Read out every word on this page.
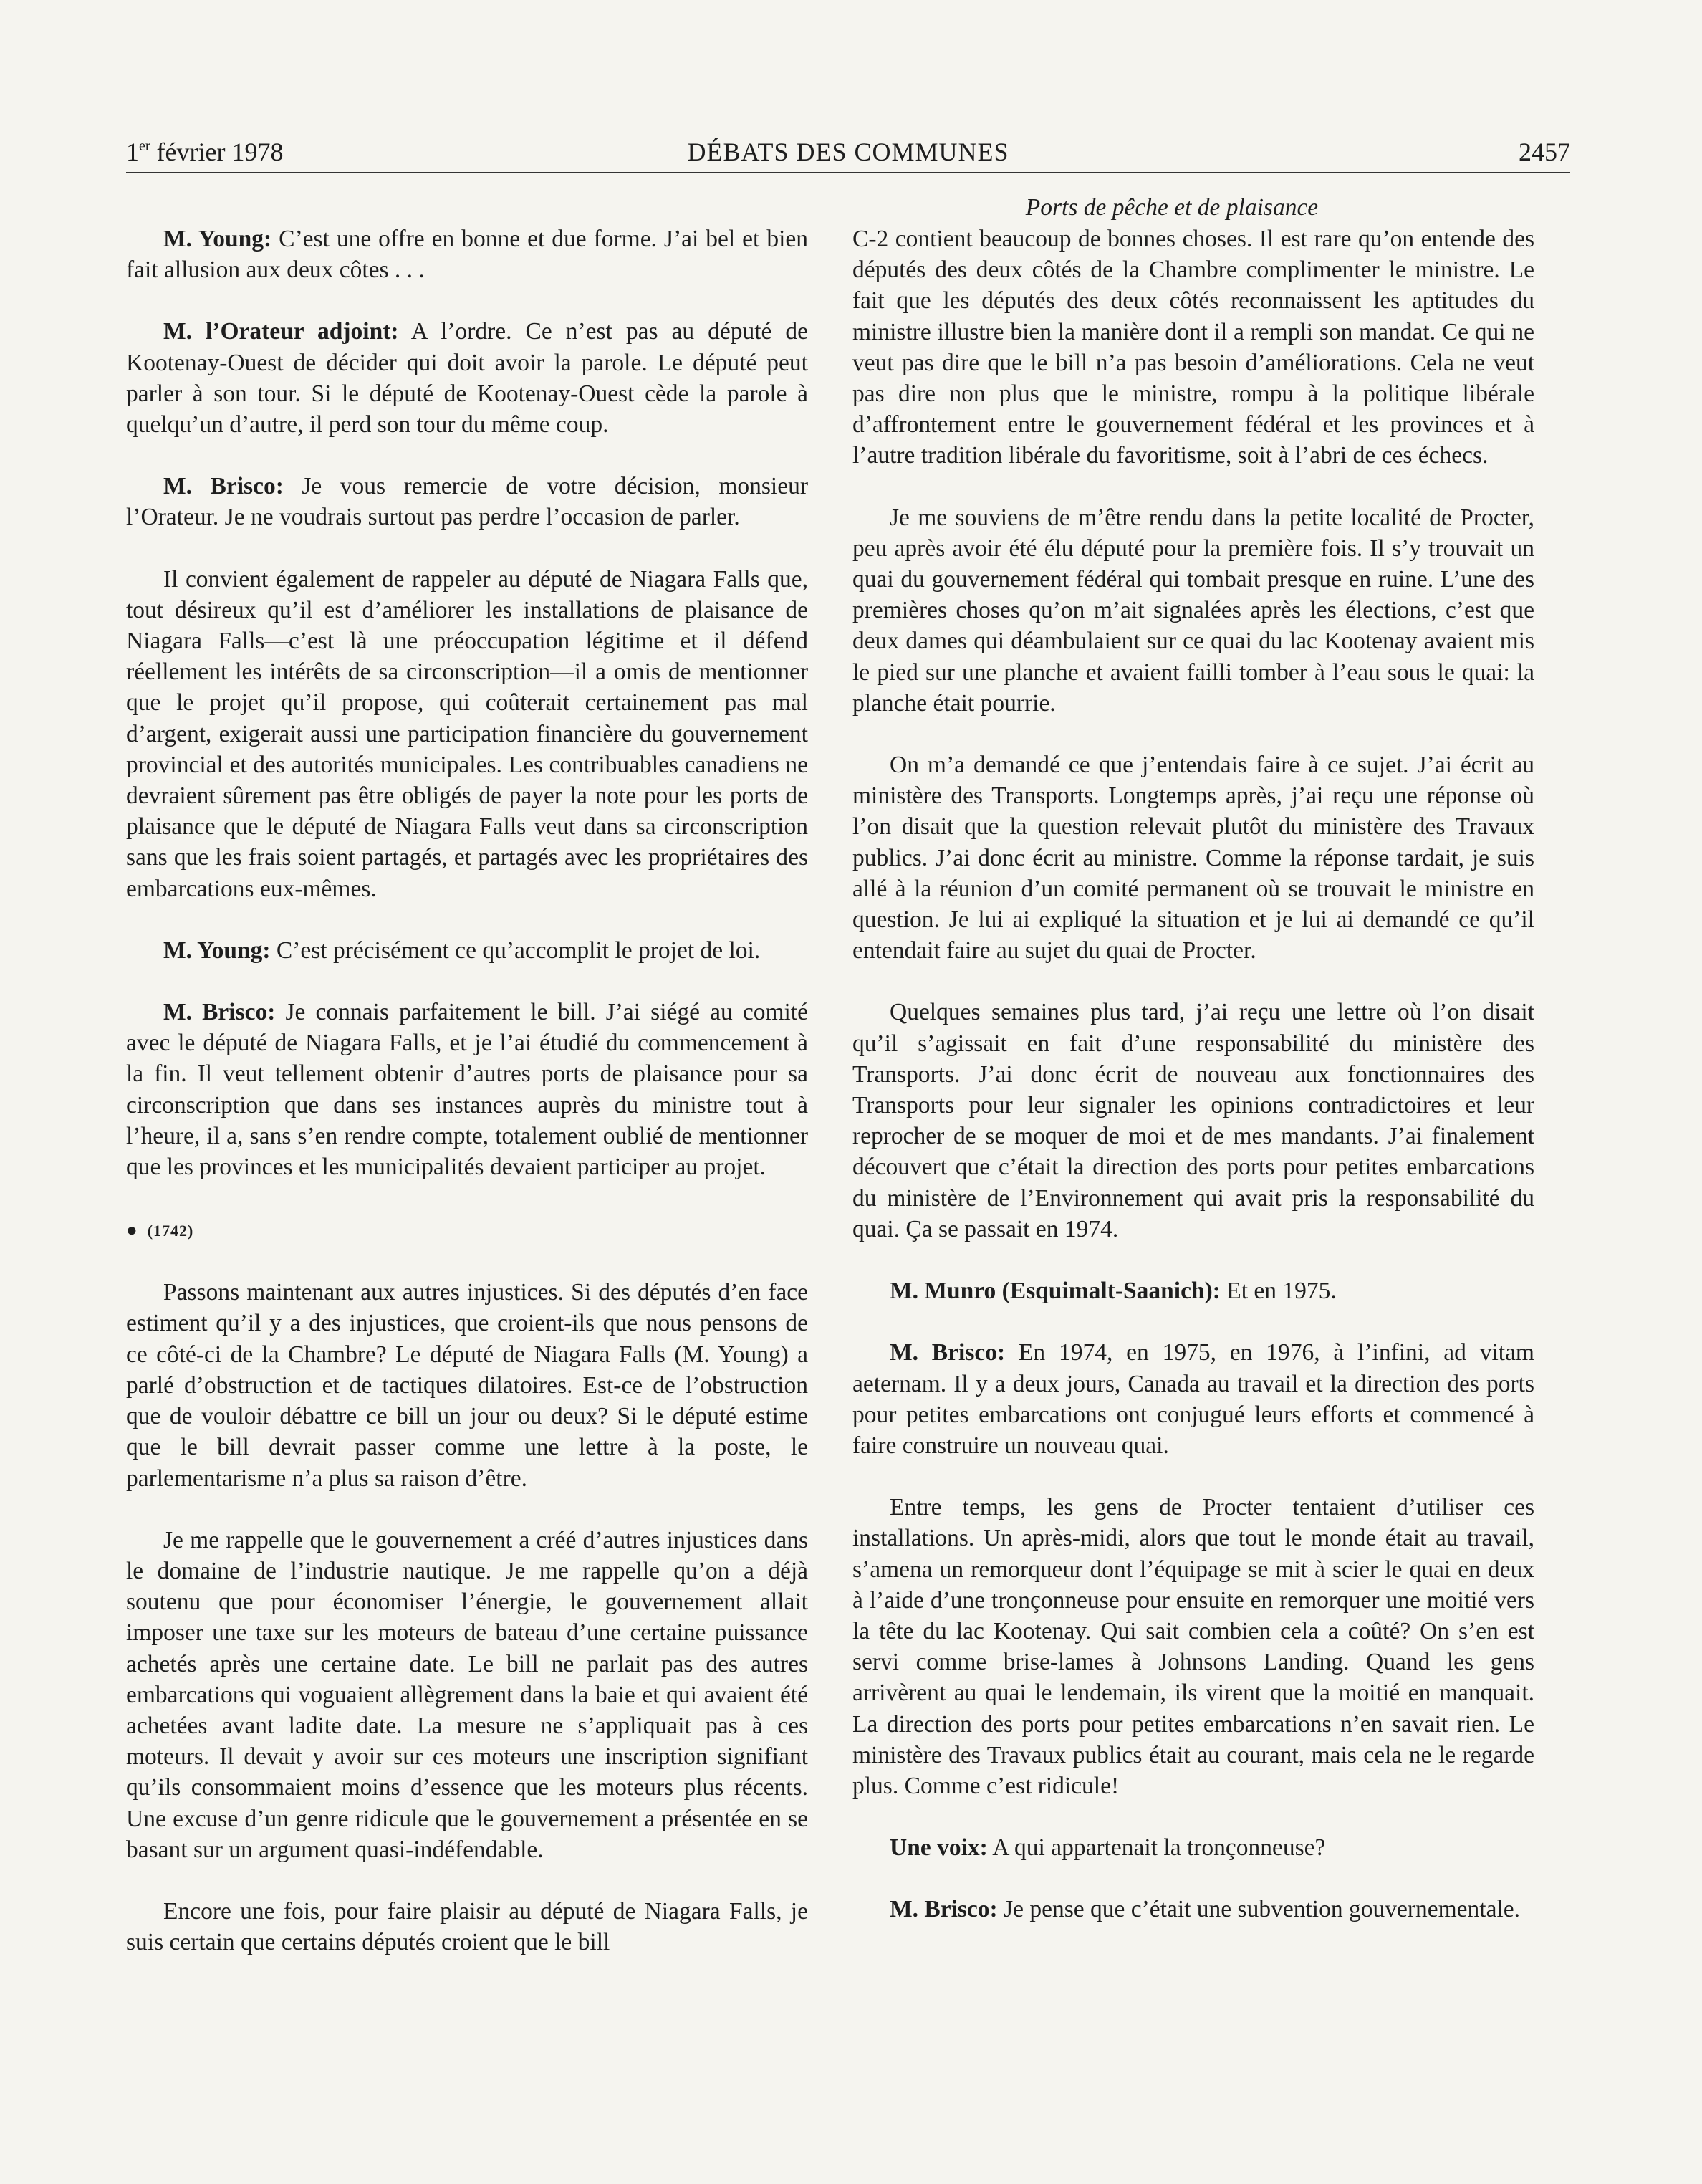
1er février 1978	DÉBATS DES COMMUNES	2457
Ports de pêche et de plaisance

M. Young: C’est une offre en bonne et due forme. J’ai bel et bien fait allusion aux deux côtes . . .

M. l’Orateur adjoint: A l’ordre. Ce n’est pas au député de Kootenay-Ouest de décider qui doit avoir la parole. Le député peut parler à son tour. Si le député de Kootenay-Ouest cède la parole à quelqu’un d’autre, il perd son tour du même coup.

M. Brisco: Je vous remercie de votre décision, monsieur l’Orateur. Je ne voudrais surtout pas perdre l’occasion de parler.

Il convient également de rappeler au député de Niagara Falls que, tout désireux qu’il est d’améliorer les installations de plaisance de Niagara Falls—c’est là une préoccupation légitime et il défend réellement les intérêts de sa circonscription—il a omis de mentionner que le projet qu’il propose, qui coûterait certainement pas mal d’argent, exigerait aussi une participation financière du gouvernement provincial et des autorités municipales. Les contribuables canadiens ne devraient sûrement pas être obligés de payer la note pour les ports de plaisance que le député de Niagara Falls veut dans sa circonscription sans que les frais soient partagés, et partagés avec les propriétaires des embarcations eux-mêmes.

M. Young: C’est précisément ce qu’accomplit le projet de loi.

M. Brisco: Je connais parfaitement le bill. J’ai siégé au comité avec le député de Niagara Falls, et je l’ai étudié du commencement à la fin. Il veut tellement obtenir d’autres ports de plaisance pour sa circonscription que dans ses instances auprès du ministre tout à l’heure, il a, sans s’en rendre compte, totalement oublié de mentionner que les provinces et les municipalités devaient participer au projet.

● (1742)

Passons maintenant aux autres injustices. Si des députés d’en face estiment qu’il y a des injustices, que croient-ils que nous pensons de ce côté-ci de la Chambre? Le député de Niagara Falls (M. Young) a parlé d’obstruction et de tactiques dilatoires. Est-ce de l’obstruction que de vouloir débattre ce bill un jour ou deux? Si le député estime que le bill devrait passer comme une lettre à la poste, le parlementarisme n’a plus sa raison d’être.

Je me rappelle que le gouvernement a créé d’autres injustices dans le domaine de l’industrie nautique. Je me rappelle qu’on a déjà soutenu que pour économiser l’énergie, le gouvernement allait imposer une taxe sur les moteurs de bateau d’une certaine puissance achetés après une certaine date. Le bill ne parlait pas des autres embarcations qui voguaient allègrement dans la baie et qui avaient été achetées avant ladite date. La mesure ne s’appliquait pas à ces moteurs. Il devait y avoir sur ces moteurs une inscription signifiant qu’ils consommaient moins d’essence que les moteurs plus récents. Une excuse d’un genre ridicule que le gouvernement a présentée en se basant sur un argument quasi-indéfendable.

Encore une fois, pour faire plaisir au député de Niagara Falls, je suis certain que certains députés croient que le bill

C-2 contient beaucoup de bonnes choses. Il est rare qu’on entende des députés des deux côtés de la Chambre complimenter le ministre. Le fait que les députés des deux côtés reconnaissent les aptitudes du ministre illustre bien la manière dont il a rempli son mandat. Ce qui ne veut pas dire que le bill n’a pas besoin d’améliorations. Cela ne veut pas dire non plus que le ministre, rompu à la politique libérale d’affrontement entre le gouvernement fédéral et les provinces et à l’autre tradition libérale du favoritisme, soit à l’abri de ces échecs.

Je me souviens de m’être rendu dans la petite localité de Procter, peu après avoir été élu député pour la première fois. Il s’y trouvait un quai du gouvernement fédéral qui tombait presque en ruine. L’une des premières choses qu’on m’ait signalées après les élections, c’est que deux dames qui déambulaient sur ce quai du lac Kootenay avaient mis le pied sur une planche et avaient failli tomber à l’eau sous le quai: la planche était pourrie.

On m’a demandé ce que j’entendais faire à ce sujet. J’ai écrit au ministère des Transports. Longtemps après, j’ai reçu une réponse où l’on disait que la question relevait plutôt du ministère des Travaux publics. J’ai donc écrit au ministre. Comme la réponse tardait, je suis allé à la réunion d’un comité permanent où se trouvait le ministre en question. Je lui ai expliqué la situation et je lui ai demandé ce qu’il entendait faire au sujet du quai de Procter.

Quelques semaines plus tard, j’ai reçu une lettre où l’on disait qu’il s’agissait en fait d’une responsabilité du ministère des Transports. J’ai donc écrit de nouveau aux fonctionnaires des Transports pour leur signaler les opinions contradictoires et leur reprocher de se moquer de moi et de mes mandants. J’ai finalement découvert que c’était la direction des ports pour petites embarcations du ministère de l’Environnement qui avait pris la responsabilité du quai. Ça se passait en 1974.

M. Munro (Esquimalt-Saanich): Et en 1975.

M. Brisco: En 1974, en 1975, en 1976, à l’infini, ad vitam aeternam. Il y a deux jours, Canada au travail et la direction des ports pour petites embarcations ont conjugué leurs efforts et commencé à faire construire un nouveau quai.

Entre temps, les gens de Procter tentaient d’utiliser ces installations. Un après-midi, alors que tout le monde était au travail, s’amena un remorqueur dont l’équipage se mit à scier le quai en deux à l’aide d’une tronçonneuse pour ensuite en remorquer une moitié vers la tête du lac Kootenay. Qui sait combien cela a coûté? On s’en est servi comme brise-lames à Johnsons Landing. Quand les gens arrivèrent au quai le lendemain, ils virent que la moitié en manquait. La direction des ports pour petites embarcations n’en savait rien. Le ministère des Travaux publics était au courant, mais cela ne le regarde plus. Comme c’est ridicule!

Une voix: A qui appartenait la tronçonneuse?

M. Brisco: Je pense que c’était une subvention gouvernementale.
